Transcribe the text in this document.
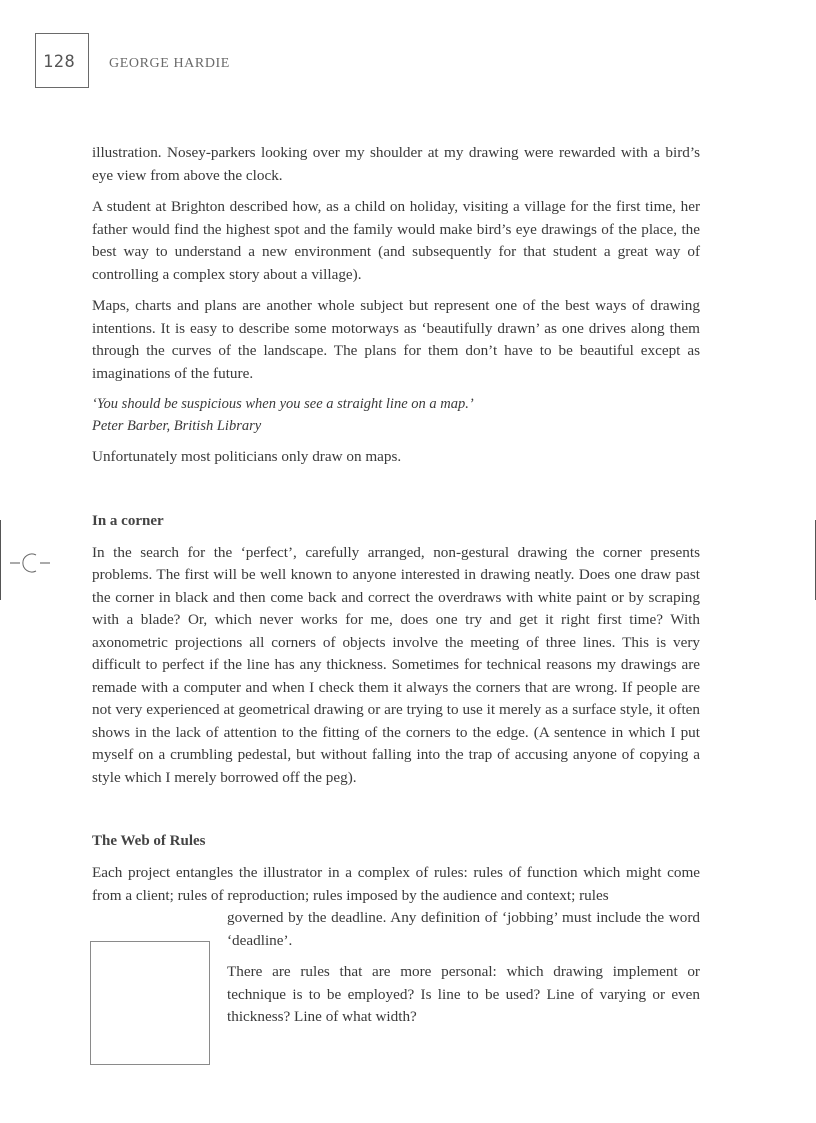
128 GEORGE HARDIE

illustration. Nosey-parkers looking over my shoulder at my drawing were rewarded with a bird’s eye view from above the clock.

A student at Brighton described how, as a child on holiday, visiting a village for the first time, her father would find the highest spot and the family would make bird’s eye drawings of the place, the best way to understand a new environment (and subsequently for that student a great way of controlling a complex story about a village).

Maps, charts and plans are another whole subject but represent one of the best ways of drawing intentions. It is easy to describe some motorways as ‘beautifully drawn’ as one drives along them through the curves of the landscape. The plans for them don’t have to be beautiful except as imaginations of the future.

‘You should be suspicious when you see a straight line on a map.’
Peter Barber, British Library

Unfortunately most politicians only draw on maps.

In a corner

In the search for the ‘perfect’, carefully arranged, non-gestural drawing the corner presents problems. The first will be well known to anyone interested in drawing neatly. Does one draw past the corner in black and then come back and correct the overdraws with white paint or by scraping with a blade? Or, which never works for me, does one try and get it right first time? With axonometric projections all corners of objects involve the meeting of three lines. This is very difficult to perfect if the line has any thickness. Sometimes for technical reasons my drawings are remade with a computer and when I check them it always the corners that are wrong. If people are not very experienced at geometrical drawing or are trying to use it merely as a surface style, it often shows in the lack of attention to the fitting of the corners to the edge. (A sentence in which I put myself on a crumbling pedestal, but without falling into the trap of accusing anyone of copying a style which I merely borrowed off the peg).

The Web of Rules

Each project entangles the illustrator in a complex of rules: rules of function which might come from a client; rules of reproduction; rules imposed by the audience and context; rules

governed by the deadline. Any definition of ‘jobbing’ must include the word ‘deadline’.

There are rules that are more personal: which drawing implement or technique is to be employed? Is line to be used? Line of varying or even thickness? Line of what width?
